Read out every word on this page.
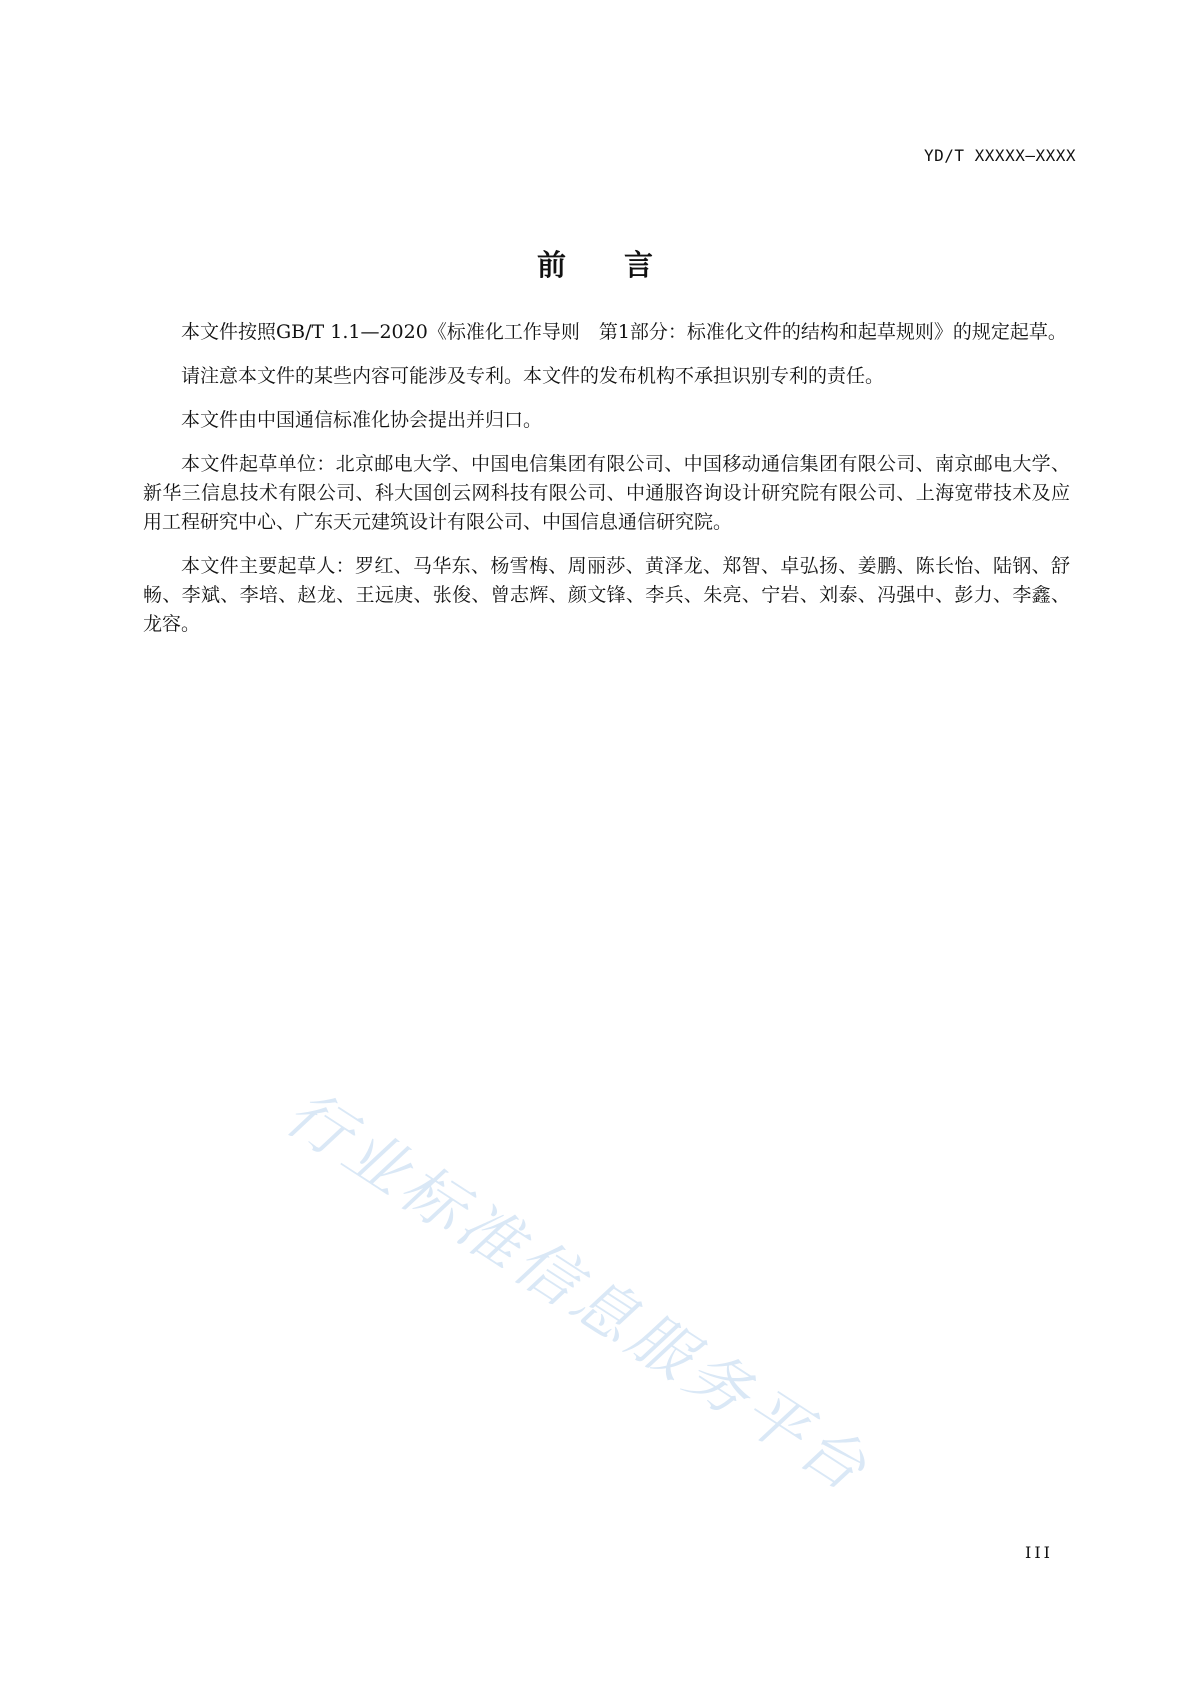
YD/T XXXXX—XXXX
前言

本文件按照GB/T 1.1—2020《标准化工作导则　第1部分：标准化文件的结构和起草规则》的规定起草。

请注意本文件的某些内容可能涉及专利。本文件的发布机构不承担识别专利的责任。

本文件由中国通信标准化协会提出并归口。

本文件起草单位：北京邮电大学、中国电信集团有限公司、中国移动通信集团有限公司、南京邮电大学、新华三信息技术有限公司、科大国创云网科技有限公司、中通服咨询设计研究院有限公司、上海宽带技术及应用工程研究中心、广东天元建筑设计有限公司、中国信息通信研究院。

本文件主要起草人：罗红、马华东、杨雪梅、周丽莎、黄泽龙、郑智、卓弘扬、姜鹏、陈长怡、陆钢、舒畅、李斌、李培、赵龙、王远庚、张俊、曾志辉、颜文锋、李兵、朱亮、宁岩、刘泰、冯强中、彭力、李鑫、龙容。

行业标准信息服务平台
III
